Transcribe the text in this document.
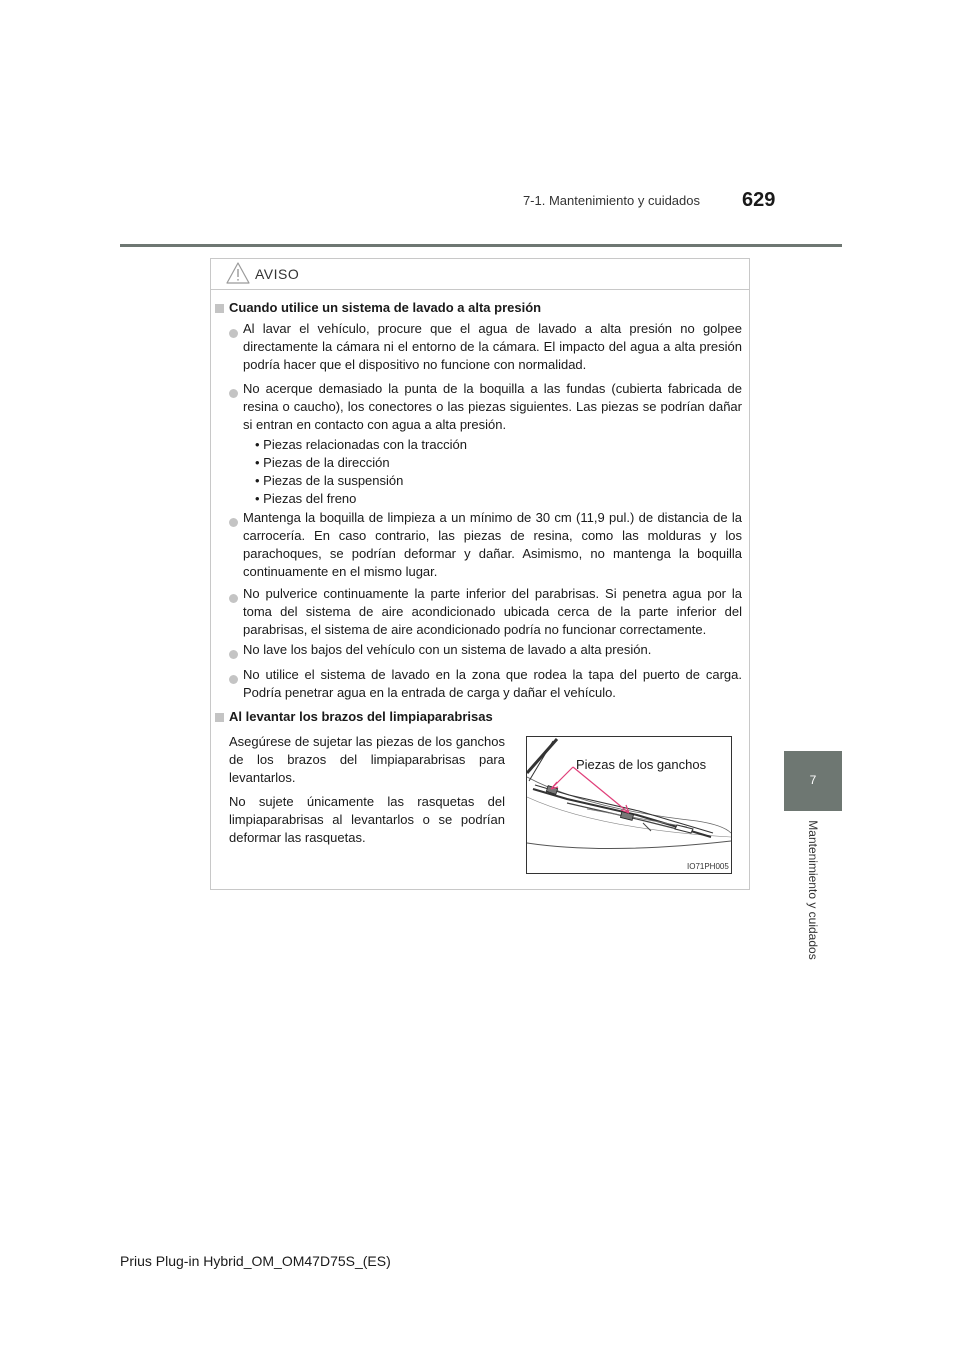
7-1. Mantenimiento y cuidados 629
7
Mantenimiento y cuidados
AVISO
Cuando utilice un sistema de lavado a alta presión
Al lavar el vehículo, procure que el agua de lavado a alta presión no golpee directamente la cámara ni el entorno de la cámara. El impacto del agua a alta presión podría hacer que el dispositivo no funcione con normalidad.
No acerque demasiado la punta de la boquilla a las fundas (cubierta fabricada de resina o caucho), los conectores o las piezas siguientes. Las piezas se podrían dañar si entran en contacto con agua a alta presión.
• Piezas relacionadas con la tracción
• Piezas de la dirección
• Piezas de la suspensión
• Piezas del freno
Mantenga la boquilla de limpieza a un mínimo de 30 cm (11,9 pul.) de distancia de la carrocería. En caso contrario, las piezas de resina, como las molduras y los parachoques, se podrían deformar y dañar. Asimismo, no mantenga la boquilla continuamente en el mismo lugar.
No pulverice continuamente la parte inferior del parabrisas. Si penetra agua por la toma del sistema de aire acondicionado ubicada cerca de la parte inferior del parabrisas, el sistema de aire acondicionado podría no funcionar correctamente.
No lave los bajos del vehículo con un sistema de lavado a alta presión.
No utilice el sistema de lavado en la zona que rodea la tapa del puerto de carga. Podría penetrar agua en la entrada de carga y dañar el vehículo.
Al levantar los brazos del limpiaparabrisas
Asegúrese de sujetar las piezas de los ganchos de los brazos del limpiaparabrisas para levantarlos.
No sujete únicamente las rasquetas del limpiaparabrisas al levantarlos o se podrían deformar las rasquetas.
Piezas de los ganchos
IO71PH005
Prius Plug-in Hybrid_OM_OM47D75S_(ES)
